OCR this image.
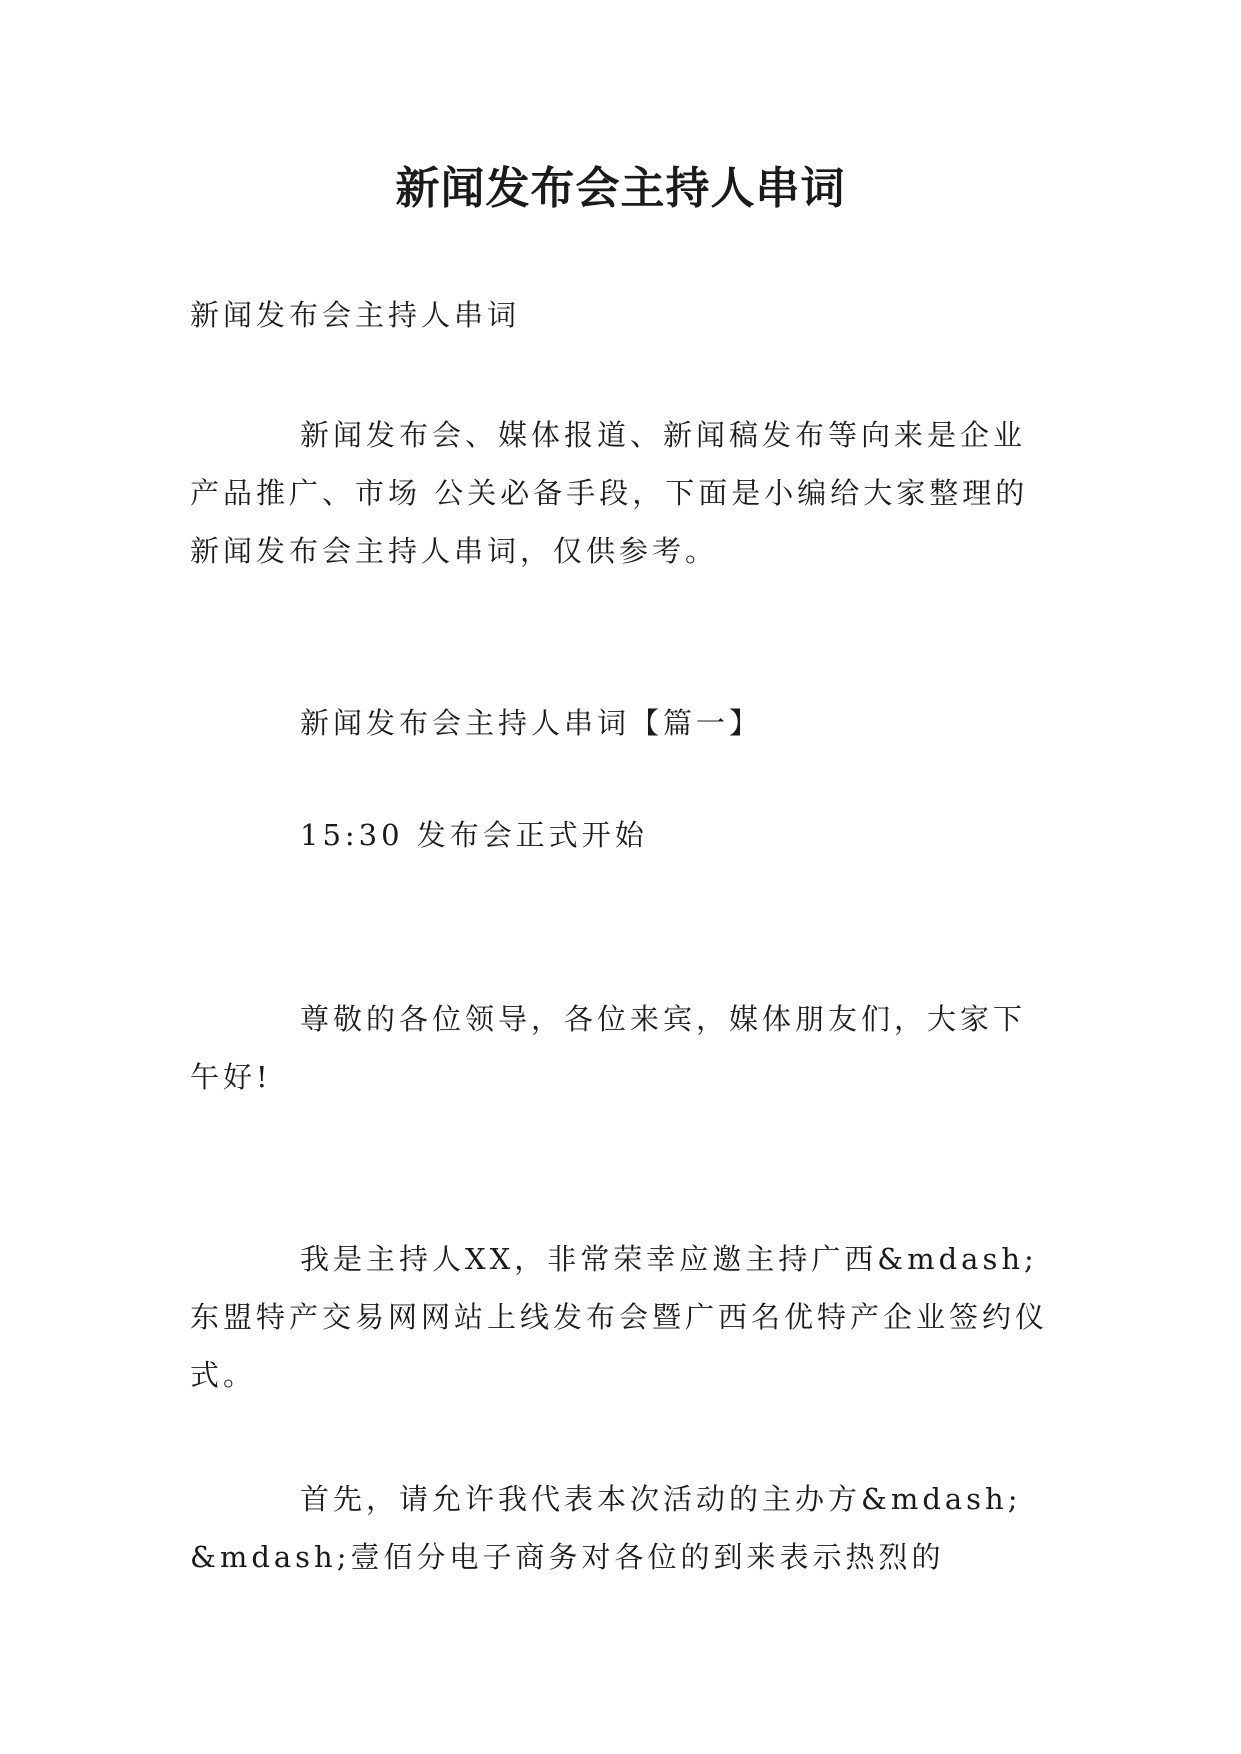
新闻发布会主持人串词

新闻发布会主持人串词

新闻发布会、媒体报道、新闻稿发布等向来是企业产品推广、市场 公关必备手段，下面是小编给大家整理的新闻发布会主持人串词，仅供参考。

新闻发布会主持人串词【篇一】

15:30 发布会正式开始

尊敬的各位领导，各位来宾，媒体朋友们，大家下午好!

我是主持人XX，非常荣幸应邀主持广西&mdash;东盟特产交易网网站上线发布会暨广西名优特产企业签约仪式。

首先，请允许我代表本次活动的主办方&mdash;&mdash;壹佰分电子商务对各位的到来表示热烈的
